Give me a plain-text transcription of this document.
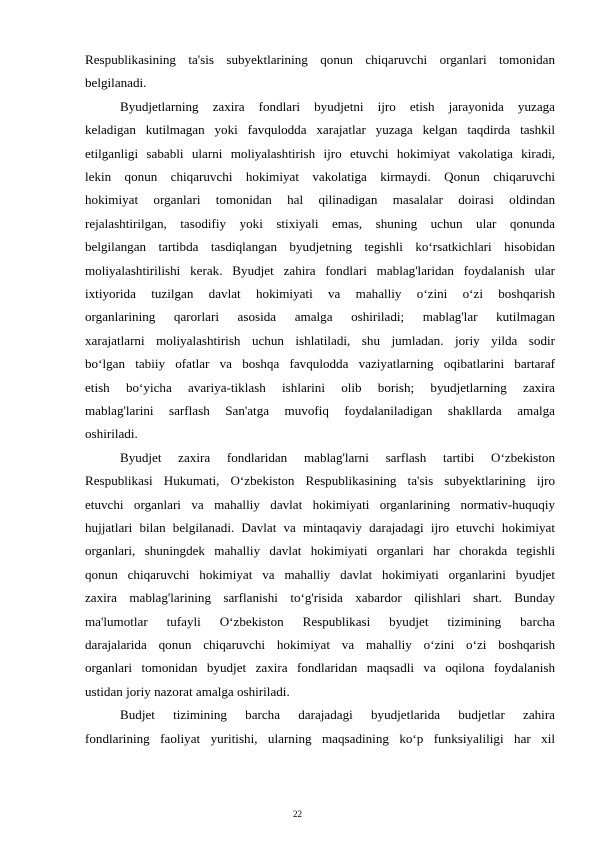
Respublikasining ta'sis subyektlarining qonun chiqaruvchi organlari tomonidan
belgilanadi.
Byudjetlarning zaxira fondlari byudjetni ijro etish jarayonida yuzaga
keladigan kutilmagan yoki favqulodda xarajatlar yuzaga kelgan taqdirda tashkil
etilganligi sababli ularni moliyalashtirish ijro etuvchi hokimiyat vakolatiga kiradi,
lekin qonun chiqaruvchi hokimiyat vakolatiga kirmaydi. Qonun chiqaruvchi
hokimiyat organlari tomonidan hal qilinadigan masalalar doirasi oldindan
rejalashtirilgan, tasodifiy yoki stixiyali emas, shuning uchun ular qonunda
belgilangan tartibda tasdiqlangan byudjetning tegishli ko‘rsatkichlari hisobidan
moliyalashtirilishi kerak. Byudjet zahira fondlari mablag'laridan foydalanish ular
ixtiyorida tuzilgan davlat hokimiyati va mahalliy o‘zini o‘zi boshqarish
organlarining qarorlari asosida amalga oshiriladi; mablag'lar kutilmagan
xarajatlarni moliyalashtirish uchun ishlatiladi, shu jumladan. joriy yilda sodir
bo‘lgan tabiiy ofatlar va boshqa favqulodda vaziyatlarning oqibatlarini bartaraf
etish bo‘yicha avariya-tiklash ishlarini olib borish; byudjetlarning zaxira
mablag'larini sarflash San'atga muvofiq foydalaniladigan shakllarda amalga
oshiriladi.
Byudjet zaxira fondlaridan mablag'larni sarflash tartibi O‘zbekiston
Respublikasi Hukumati, O‘zbekiston Respublikasining ta'sis subyektlarining ijro
etuvchi organlari va mahalliy davlat hokimiyati organlarining normativ-huquqiy
hujjatlari bilan belgilanadi. Davlat va mintaqaviy darajadagi ijro etuvchi hokimiyat
organlari, shuningdek mahalliy davlat hokimiyati organlari har chorakda tegishli
qonun chiqaruvchi hokimiyat va mahalliy davlat hokimiyati organlarini byudjet
zaxira mablag'larining sarflanishi to‘g'risida xabardor qilishlari shart. Bunday
ma'lumotlar tufayli O‘zbekiston Respublikasi byudjet tizimining barcha
darajalarida qonun chiqaruvchi hokimiyat va mahalliy o‘zini o‘zi boshqarish
organlari tomonidan byudjet zaxira fondlaridan maqsadli va oqilona foydalanish
ustidan joriy nazorat amalga oshiriladi.
Budjet tizimining barcha darajadagi byudjetlarida budjetlar zahira
fondlarining faoliyat yuritishi, ularning maqsadining ko‘p funksiyaliligi har xil
22
